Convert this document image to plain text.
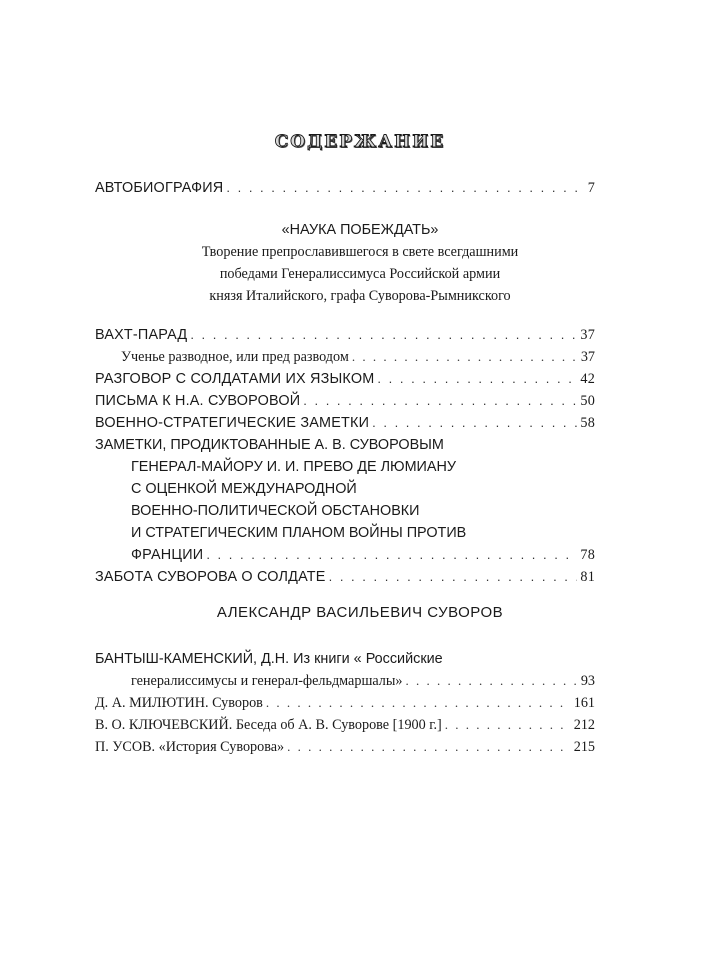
СОДЕРЖАНИЕ
АВТОБИОГРАФИЯ . . .	7
«НАУКА ПОБЕЖДАТЬ»
Творение препрославившегося в свете всегдашними
победами Генералиссимуса Российской армии
князя Италийского, графа Суворова-Рымникского
ВАХТ-ПАРАД . . .	37
Ученье разводное, или пред разводом . . .	37
РАЗГОВОР С СОЛДАТАМИ ИХ ЯЗЫКОМ . . .	42
ПИСЬМА К Н.А. СУВОРОВОЙ . . .	50
ВОЕННО-СТРАТЕГИЧЕСКИЕ ЗАМЕТКИ . . .	58
ЗАМЕТКИ, ПРОДИКТОВАННЫЕ А. В. СУВОРОВЫМ
ГЕНЕРАЛ-МАЙОРУ И. И. ПРЕВО ДЕ ЛЮМИАНУ
С ОЦЕНКОЙ МЕЖДУНАРОДНОЙ
ВОЕННО-ПОЛИТИЧЕСКОЙ ОБСТАНОВКИ
И СТРАТЕГИЧЕСКИМ ПЛАНОМ ВОЙНЫ ПРОТИВ
ФРАНЦИИ . . .	78
ЗАБОТА СУВОРОВА О СОЛДАТЕ . . .	81
АЛЕКСАНДР ВАСИЛЬЕВИЧ СУВОРОВ
БАНТЫШ-КАМЕНСКИЙ, Д.Н. Из книги « Российские
генералиссимусы и генерал-фельдмаршалы» . . .	93
Д. А. МИЛЮТИН. Суворов . . .	161
В. О. КЛЮЧЕВСКИЙ. Беседа об А. В. Суворове [1900 г.] . . .	212
П. УСОВ. «История Суворова» . . .	215
